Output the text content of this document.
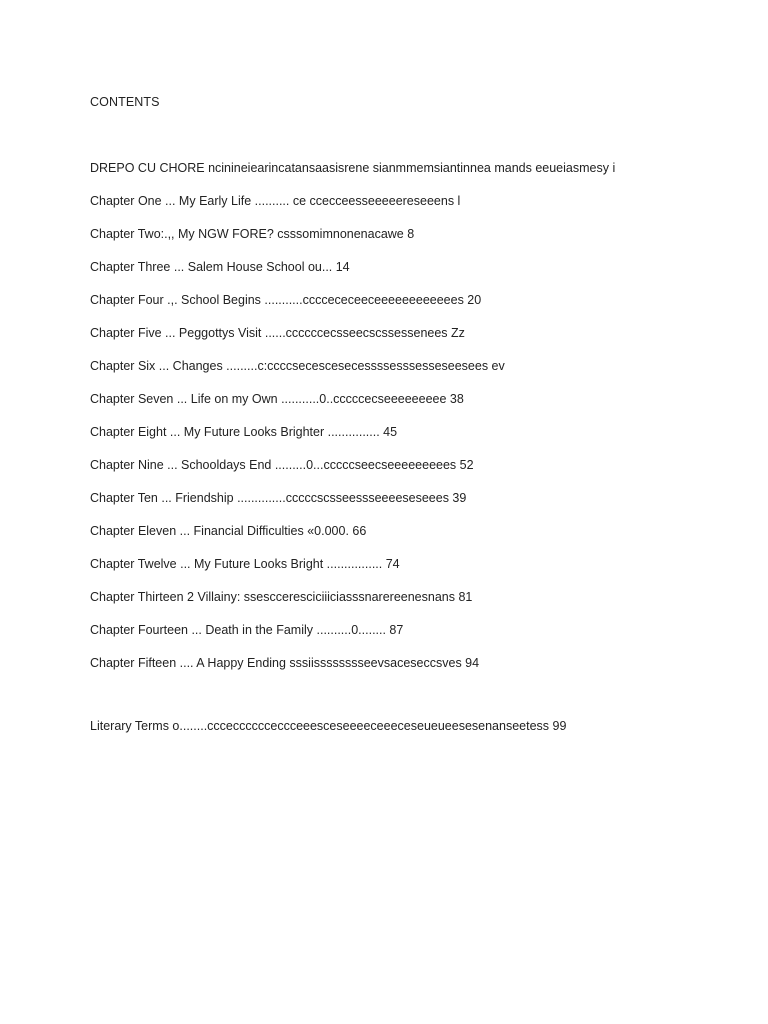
CONTENTS
DREPO CU CHORE ncinineiearincatansaasisrene sianmmemsiantinnea mands eeueiasmesy i
Chapter One ... My Early Life .......... ce ccecceesseeeeereseeens l
Chapter Two:.,, My NGW FORE? csssomimnonenacawe 8
Chapter Three ... Salem House School ou... 14
Chapter Four .,. School Begins ...........ccccececeeceeeeeeeeeeees 20
Chapter Five ... Peggottys Visit ......ccccccecsseecscssessenees Zz
Chapter Six ... Changes .........c:ccccsecescesecessssesssesseseesees ev
Chapter Seven ... Life on my Own ...........0..cccccecseeeeeeeee 38
Chapter Eight ... My Future Looks Brighter ............... 45
Chapter Nine ... Schooldays End .........0...cccccseecseeeeeeeees 52
Chapter Ten ... Friendship ..............cccccscsseessseeeeseseees 39
Chapter Eleven ... Financial Difficulties «0.000. 66
Chapter Twelve ... My Future Looks Bright ................ 74
Chapter Thirteen 2 Villainy: ssescceresciciiiciasssnarereenesnans 81
Chapter Fourteen ... Death in the Family ..........0........ 87
Chapter Fifteen .... A Happy Ending sssiisssssssseevsaceseccsves 94
Literary Terms o........cccecccccceccceeesceseeeeceeeceseueueesesenanseetess 99
